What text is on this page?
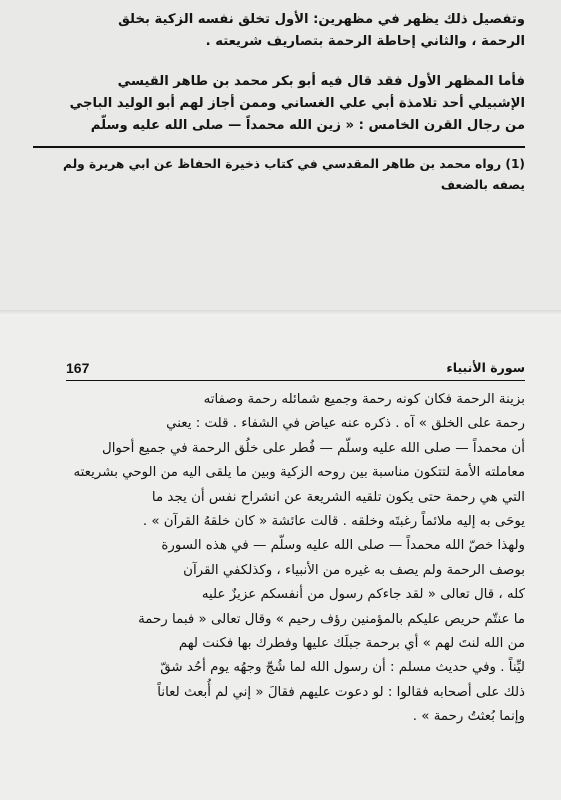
وتفصيل ذلك يظهر في مظهرين: الأول تخلق نفسه الزكية بخلق
الرحمة ، والثاني إحاطة الرحمة بتصاريف شريعته .
فأما المظهر الأول فقد قال فيه أبو بكر محمد بن طاهر القيسي
الإشبيلي أحد تلامذة أبي علي الغساني وممن أجاز لهم أبو الوليد الباجي
من رجال القرن الخامس : « زين الله محمداً — صلى الله عليه وسلّم
(1) رواه محمد بن طاهر المقدسي في كتاب ذخيرة الحفاظ عن ابي هريرة ولم
يصفه بالضعف
167	سورة الأنبياء
بزينة الرحمة فكان كونه رحمة وجميع شمائله رحمة وصفاته
رحمة على الخلق » آه . ذكره عنه عياض في الشفاء . قلت : يعني
أن محمداً — صلى الله عليه وسلّم — فُطر على خلُق الرحمة في جميع أحوال
معاملته الأمة لتتكون مناسبة بين روحه الزكية وبين ما يلقى اليه من الوحي بشريعته
التي هي رحمة حتى يكون تلقيه الشريعة عن انشراح نفس أن يجد ما
يوحَى به إليه ملائماً رغبتَه وخلقه . قالت عائشة « كان خلقهُ القرآن » .
ولهذا خصّ الله محمداً — صلى الله عليه وسلّم — في هذه السورة
بوصف الرحمة ولم يصف به غيره من الأنبياء ، وكذلكفي القرآن
كله ، قال تعالى « لقد جاءكم رسول من أنفسكم عزيزٌ عليه
ما عنتّم حريص عليكم بالمؤمنين رؤف رحيم » وقال تعالى « فبما رحمة
من الله لنتَ لهم » أي برحمة جبلَك عليها وفطرك بها فكنت لهم
ليِّناً . وفي حديث مسلم : أن رسول الله لما شُجّ وجهُه يوم أحُد شقّ
ذلك على أصحابه فقالوا : لو دعوت عليهم فقالَ « إني لم أُبعث لعاناً
وإنما بُعثتُ رحمة » .
